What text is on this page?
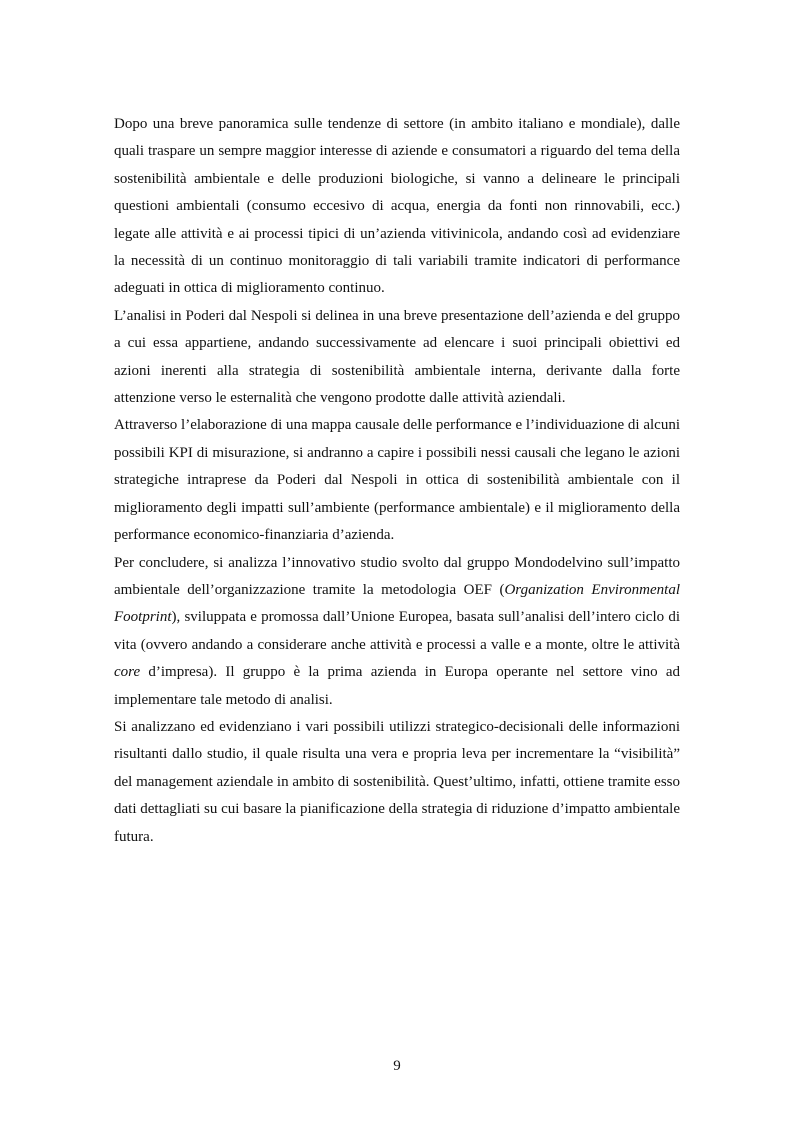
Dopo una breve panoramica sulle tendenze di settore (in ambito italiano e mondiale), dalle quali traspare un sempre maggior interesse di aziende e consumatori a riguardo del tema della sostenibilità ambientale e delle produzioni biologiche, si vanno a delineare le principali questioni ambientali (consumo eccesivo di acqua, energia da fonti non rinnovabili, ecc.) legate alle attività e ai processi tipici di un’azienda vitivinicola, andando così ad evidenziare la necessità di un continuo monitoraggio di tali variabili tramite indicatori di performance adeguati in ottica di miglioramento continuo.

L’analisi in Poderi dal Nespoli si delinea in una breve presentazione dell’azienda e del gruppo a cui essa appartiene, andando successivamente ad elencare i suoi principali obiettivi ed azioni inerenti alla strategia di sostenibilità ambientale interna, derivante dalla forte attenzione verso le esternalità che vengono prodotte dalle attività aziendali.

Attraverso l’elaborazione di una mappa causale delle performance e l’individuazione di alcuni possibili KPI di misurazione, si andranno a capire i possibili nessi causali che legano le azioni strategiche intraprese da Poderi dal Nespoli in ottica di sostenibilità ambientale con il miglioramento degli impatti sull’ambiente (performance ambientale) e il miglioramento della performance economico-finanziaria d’azienda.

Per concludere, si analizza l’innovativo studio svolto dal gruppo Mondodelvino sull’impatto ambientale dell’organizzazione tramite la metodologia OEF (Organization Environmental Footprint), sviluppata e promossa dall’Unione Europea, basata sull’analisi dell’intero ciclo di vita (ovvero andando a considerare anche attività e processi a valle e a monte, oltre le attività core d’impresa). Il gruppo è la prima azienda in Europa operante nel settore vino ad implementare tale metodo di analisi.

Si analizzano ed evidenziano i vari possibili utilizzi strategico-decisionali delle informazioni risultanti dallo studio, il quale risulta una vera e propria leva per incrementare la “visibilità” del management aziendale in ambito di sostenibilità. Quest’ultimo, infatti, ottiene tramite esso dati dettagliati su cui basare la pianificazione della strategia di riduzione d’impatto ambientale futura.

9
